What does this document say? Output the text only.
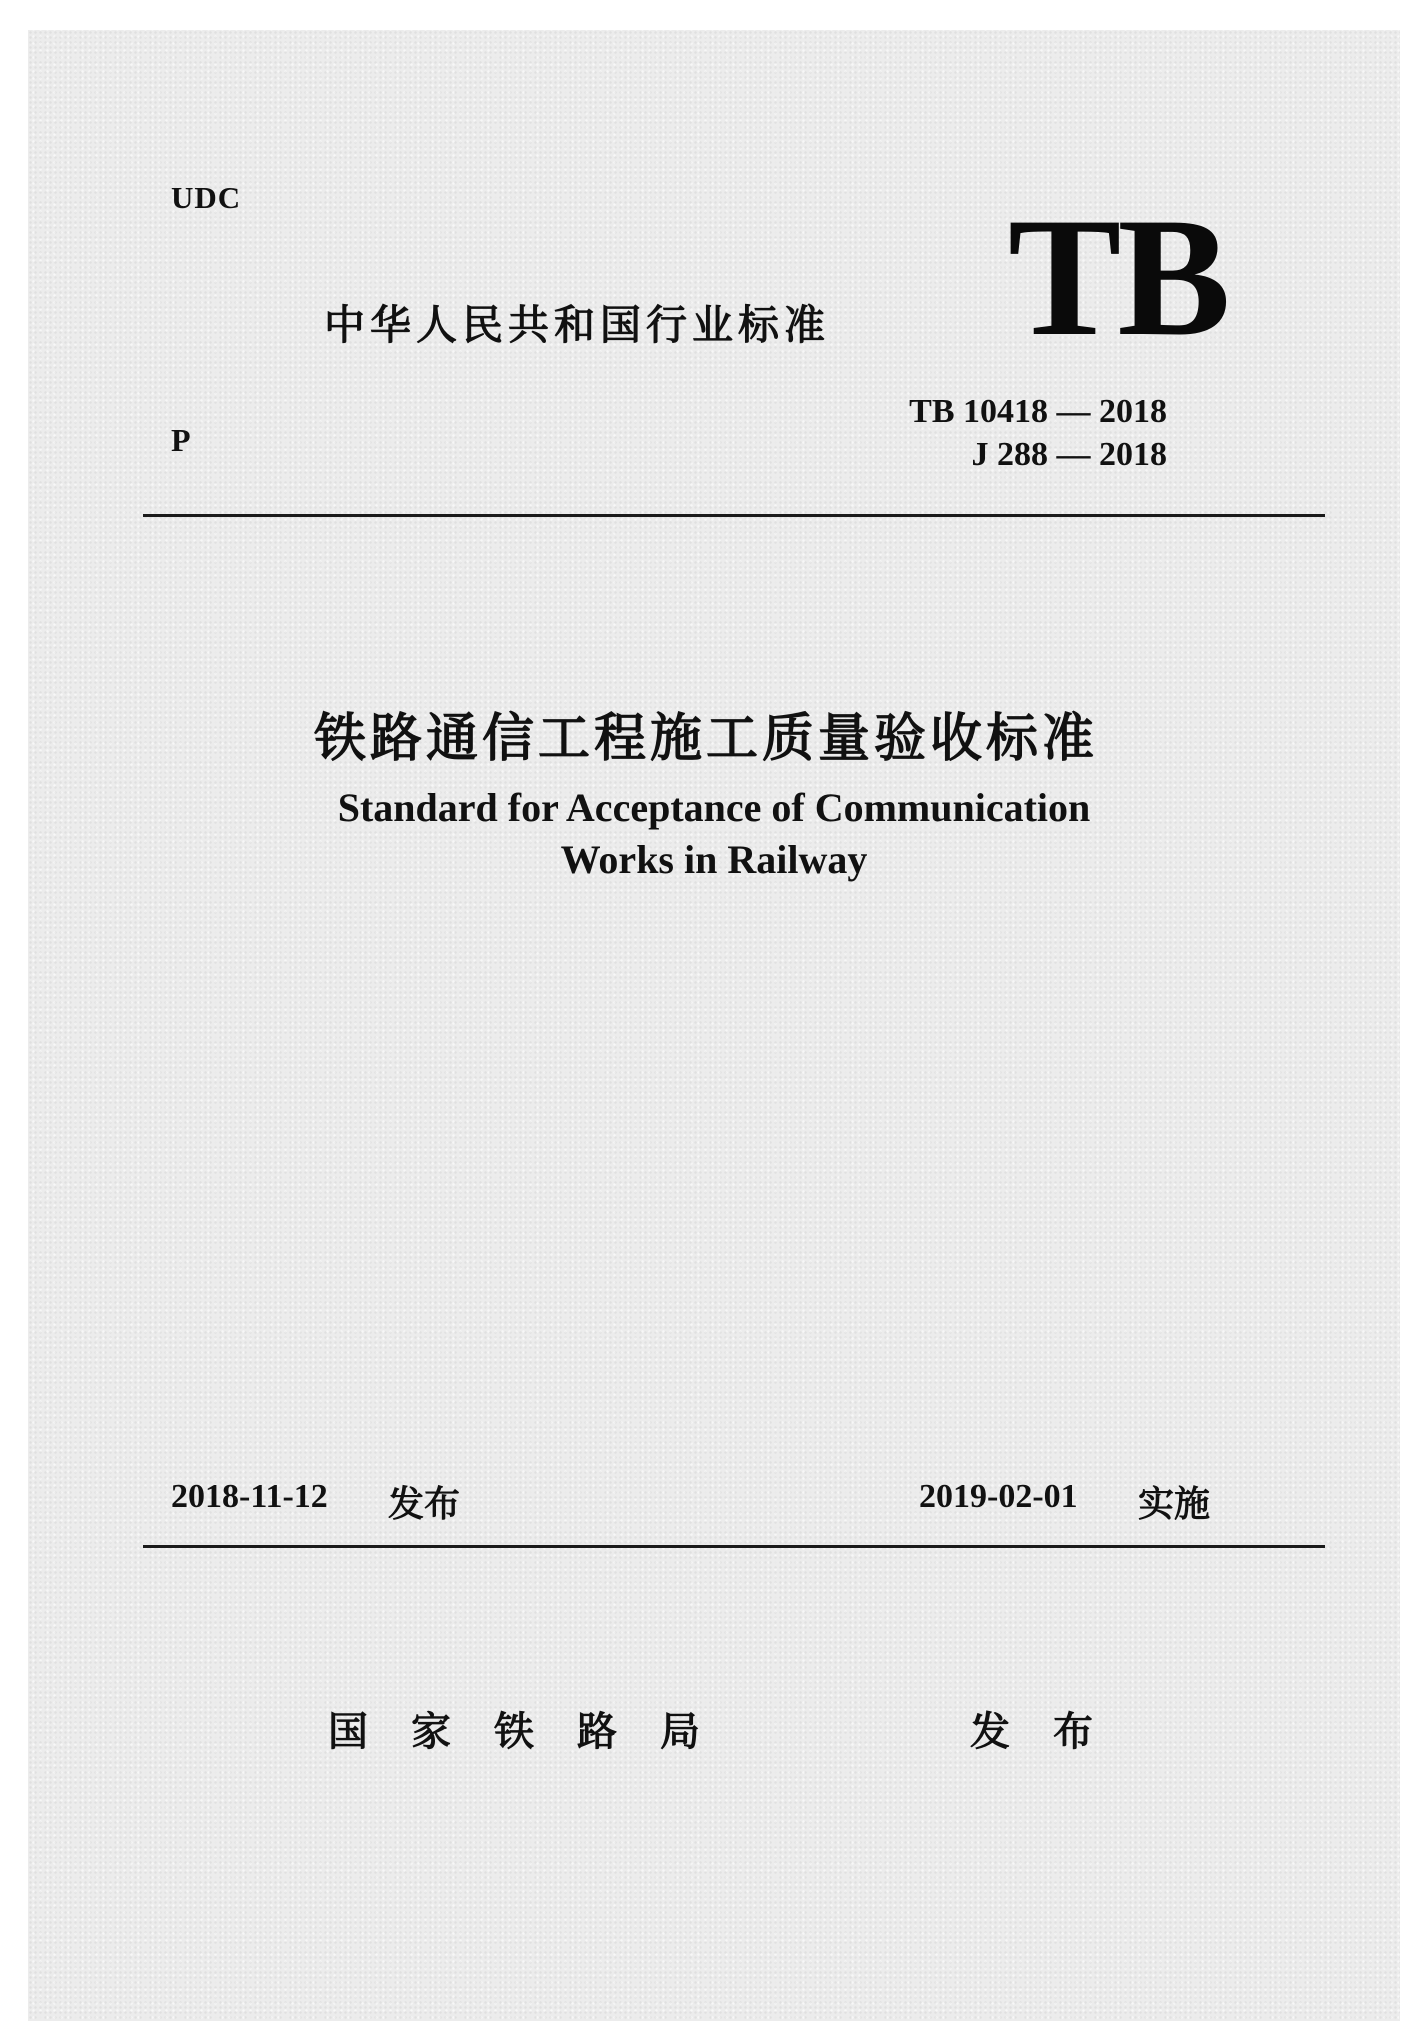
UDC
中华人民共和国行业标准 TB
P
TB 10418 — 2018
J 288 — 2018
铁路通信工程施工质量验收标准
Standard for Acceptance of Communication
Works in Railway
2018-11-12 发布	2019-02-01 实施
国家铁路局	发布
